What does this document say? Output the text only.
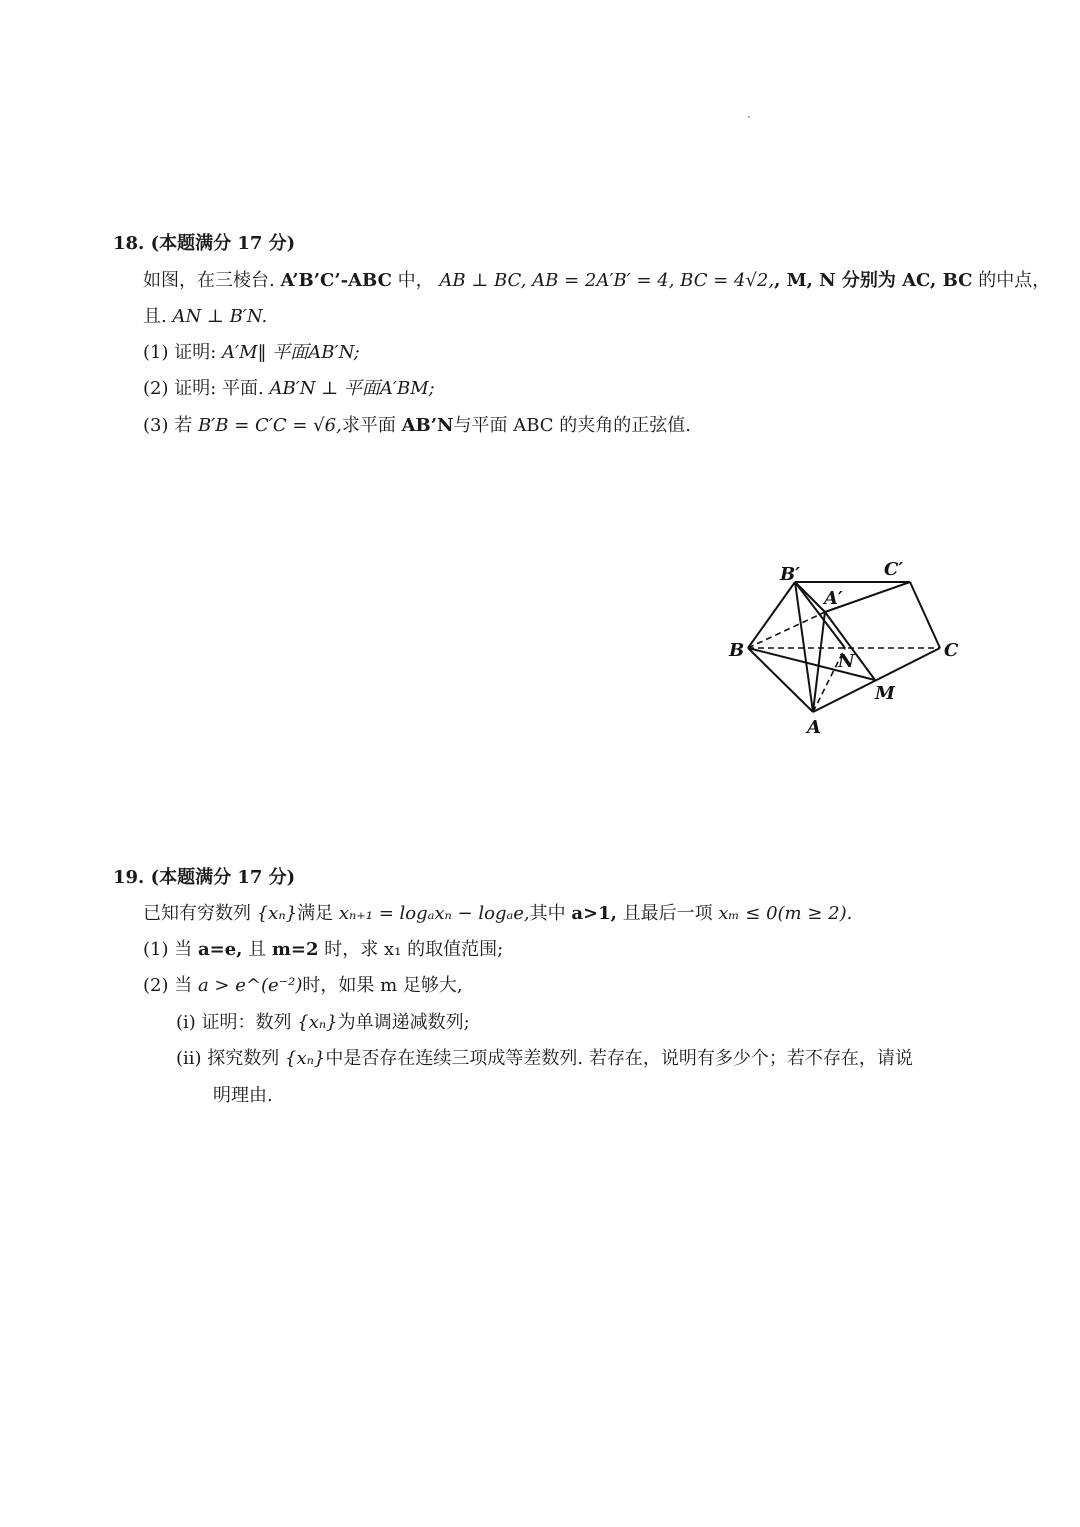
18. (本题满分 17 分)
如图，在三棱台. A’B’C’-ABC 中， AB ⊥ BC, AB = 2A′B′ = 4, BC = 4√2,, M, N 分别为 AC, BC 的中点，
且. AN ⊥ B′N.
(1) 证明: A′M‖ 平面AB′N;
(2) 证明: 平面. AB′N ⊥ 平面A′BM;
(3) 若 B′B = C′C = √6,求平面 AB’N与平面 ABC 的夹角的正弦值.
B′	C′
A′
B	C
N
M
A
19. (本题满分 17 分)
已知有穷数列 {xₙ}满足 xₙ₊₁ = logₐxₙ − logₐe,其中 a>1, 且最后一项 xₘ ≤ 0(m ≥ 2).
(1) 当 a=e, 且 m=2 时，求 x₁ 的取值范围;
(2) 当 a > e^(e⁻²)时，如果 m 足够大,
(i) 证明：数列 {xₙ}为单调递减数列;
(ii) 探究数列 {xₙ}中是否存在连续三项成等差数列. 若存在，说明有多少个；若不存在，请说
明理由.
